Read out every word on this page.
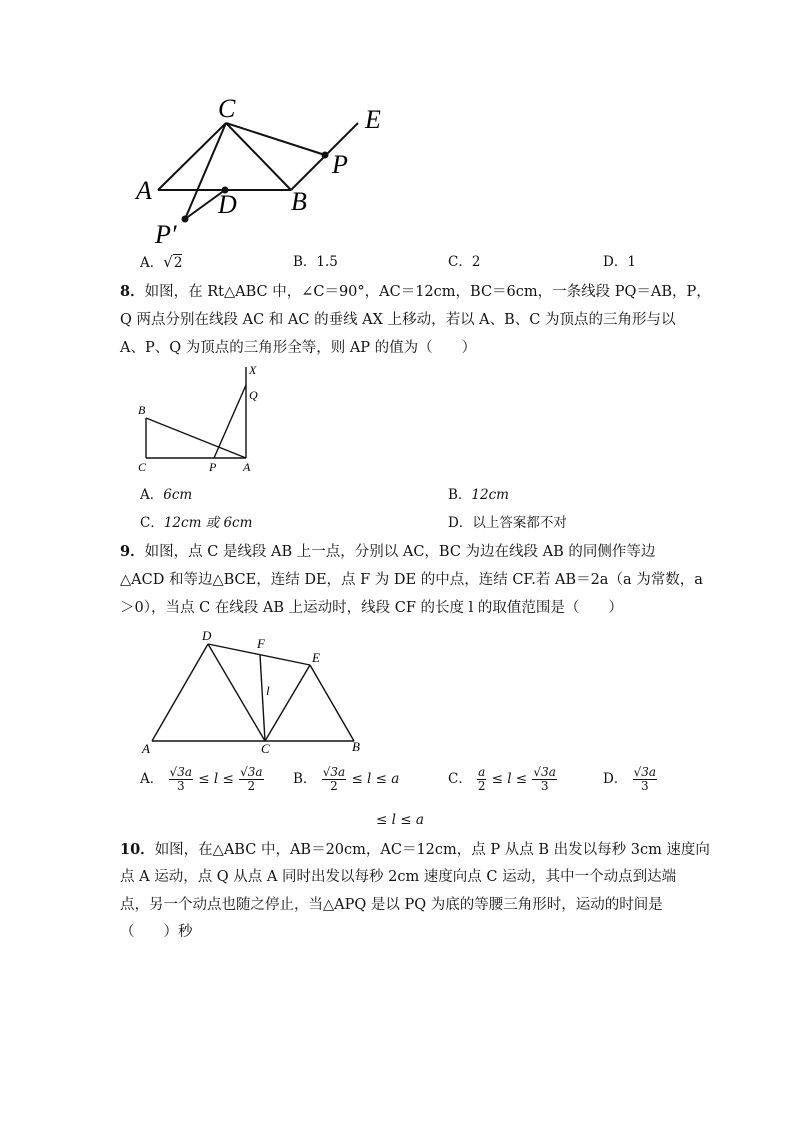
C	E
P
A	D B
P′
A．√2	B．1.5	C．2	D．1
8．如图，在 Rt△ABC 中，∠C＝90°，AC＝12cm，BC＝6cm，一条线段 PQ＝AB，P，
Q 两点分别在线段 AC 和 AC 的垂线 AX 上移动，若以 A、B、C 为顶点的三角形与以
A、P、Q 为顶点的三角形全等，则 AP 的值为（　　）
X
Q
B
C	P A
A．6cm	B．12cm
C．12cm 或 6cm	D．以上答案都不对
9．如图，点 C 是线段 AB 上一点，分别以 AC，BC 为边在线段 AB 的同侧作等边
△ACD 和等边△BCE，连结 DE，点 F 为 DE 的中点，连结 CF.若 AB＝2a（a 为常数，a
＞0），当点 C 在线段 AB 上运动时，线段 CF 的长度 l 的取值范围是（　　）
D
F
E
l
A	C	B
A． $\frac{√3a}{3} \le l \le \frac{√3a}{2}$ B． $\frac{√3a}{2} \le l \le a$	C． $\frac{a}{2} \le l \le \frac{√3a}{3}$	D． $\frac{√3a}{3}$
≤ l ≤ a
10．如图，在△ABC 中，AB＝20cm，AC＝12cm，点 P 从点 B 出发以每秒 3cm 速度向
点 A 运动，点 Q 从点 A 同时出发以每秒 2cm 速度向点 C 运动，其中一个动点到达端
点，另一个动点也随之停止，当△APQ 是以 PQ 为底的等腰三角形时，运动的时间是
（　　）秒
